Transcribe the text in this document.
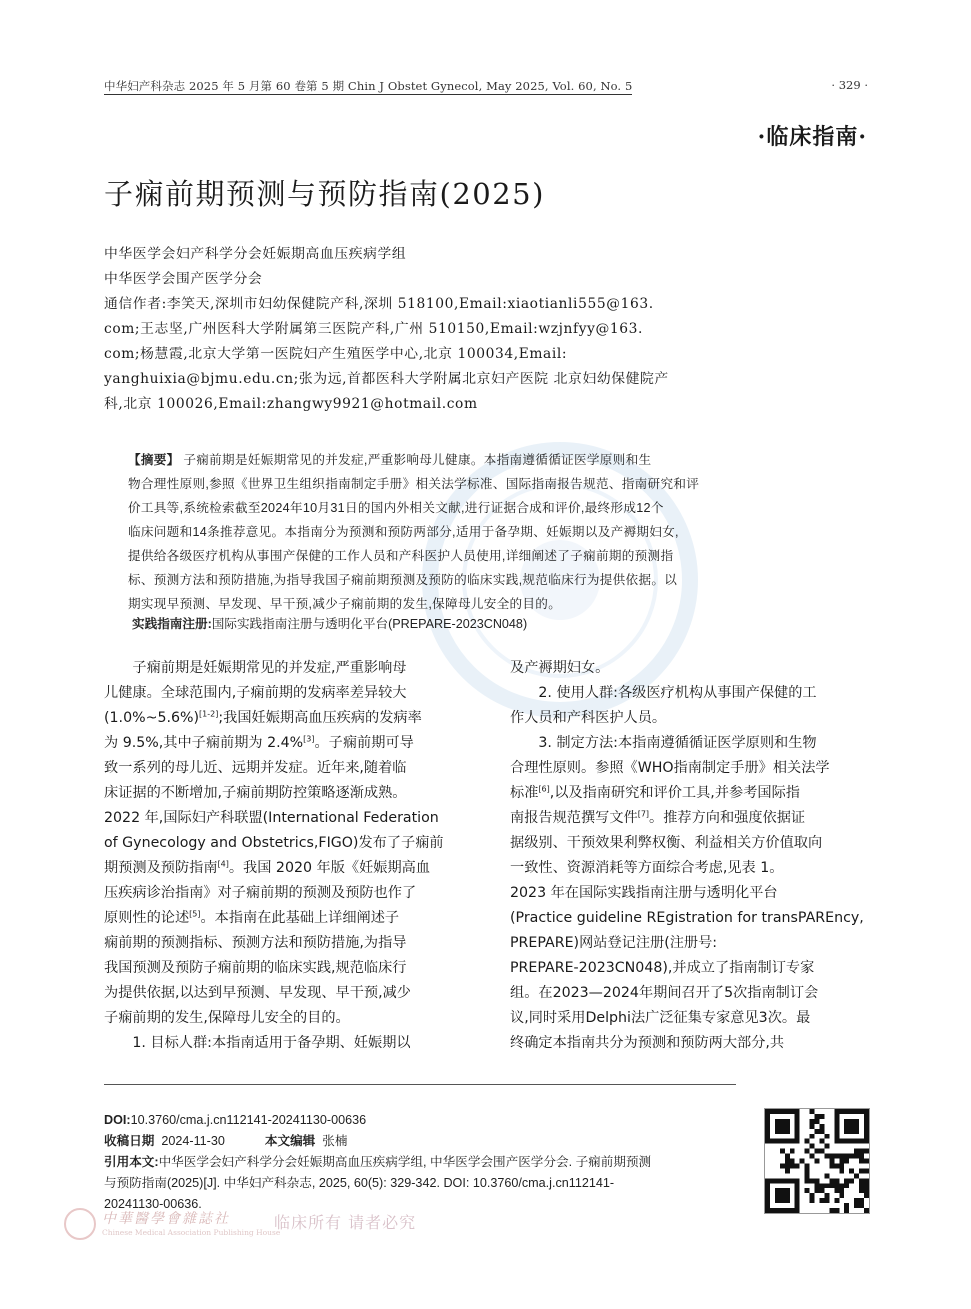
中华妇产科杂志 2025 年 5 月第 60 卷第 5 期 Chin J Obstet Gynecol, May 2025, Vol. 60, No. 5	· 329 ·
·临床指南·
子痫前期预测与预防指南(2025)
中华医学会妇产科学分会妊娠期高血压疾病学组
中华医学会围产医学分会
通信作者:李笑天,深圳市妇幼保健院产科,深圳 518100,Email:xiaotianli555@163.
com;王志坚,广州医科大学附属第三医院产科,广州 510150,Email:wzjnfyy@163.
com;杨慧霞,北京大学第一医院妇产生殖医学中心,北京 100034,Email:
yanghuixia@bjmu.edu.cn;张为远,首都医科大学附属北京妇产医院 北京妇幼保健院产
科,北京 100026,Email:zhangwy9921@hotmail.com
【摘要】 子痫前期是妊娠期常见的并发症,严重影响母儿健康。本指南遵循循证医学原则和生
物合理性原则,参照《世界卫生组织指南制定手册》相关法学标准、国际指南报告规范、指南研究和评
价工具等,系统检索截至2024年10月31日的国内外相关文献,进行证据合成和评价,最终形成12个
临床问题和14条推荐意见。本指南分为预测和预防两部分,适用于备孕期、妊娠期以及产褥期妇女,
提供给各级医疗机构从事围产保健的工作人员和产科医护人员使用,详细阐述了子痫前期的预测指
标、预测方法和预防措施,为指导我国子痫前期预测及预防的临床实践,规范临床行为提供依据。以
期实现早预测、早发现、早干预,减少子痫前期的发生,保障母儿安全的目的。
实践指南注册:国际实践指南注册与透明化平台(PREPARE-2023CN048)
　　子痫前期是妊娠期常见的并发症,严重影响母
儿健康。全球范围内,子痫前期的发病率差异较大
(1.0%~5.6%)[1-2];我国妊娠期高血压疾病的发病率
为 9.5%,其中子痫前期为 2.4%[3]。子痫前期可导
致一系列的母儿近、远期并发症。近年来,随着临
床证据的不断增加,子痫前期防控策略逐渐成熟。
2022 年,国际妇产科联盟(International Federation
of Gynecology and Obstetrics,FIGO)发布了子痫前
期预测及预防指南[4]。我国 2020 年版《妊娠期高血
压疾病诊治指南》对子痫前期的预测及预防也作了
原则性的论述[5]。本指南在此基础上详细阐述子
痫前期的预测指标、预测方法和预防措施,为指导
我国预测及预防子痫前期的临床实践,规范临床行
为提供依据,以达到早预测、早发现、早干预,减少
子痫前期的发生,保障母儿安全的目的。
　　1. 目标人群:本指南适用于备孕期、妊娠期以
及产褥期妇女。
　　2. 使用人群:各级医疗机构从事围产保健的工
作人员和产科医护人员。
　　3. 制定方法:本指南遵循循证医学原则和生物
合理性原则。参照《WHO指南制定手册》相关法学
标准[6],以及指南研究和评价工具,并参考国际指
南报告规范撰写文件[7]。推荐方向和强度依据证
据级别、干预效果利弊权衡、利益相关方价值取向
一致性、资源消耗等方面综合考虑,见表 1。
2023 年在国际实践指南注册与透明化平台
(Practice guideline REgistration for transPAREncy,
PREPARE)网站登记注册(注册号:
PREPARE-2023CN048),并成立了指南制订专家
组。在2023—2024年期间召开了5次指南制订会
议,同时采用Delphi法广泛征集专家意见3次。最
终确定本指南共分为预测和预防两大部分,共
DOI:10.3760/cma.j.cn112141-20241130-00636
收稿日期 2024-11-30	本文编辑 张楠
引用本文:中华医学会妇产科学分会妊娠期高血压疾病学组, 中华医学会围产医学分会. 子痫前期预测
与预防指南(2025)[J]. 中华妇产科杂志, 2025, 60(5): 329-342. DOI: 10.3760/cma.j.cn112141-
20241130-00636.
中華醫學會雜誌社
Chinese Medical Association Publishing House
临床所有 请者必究
